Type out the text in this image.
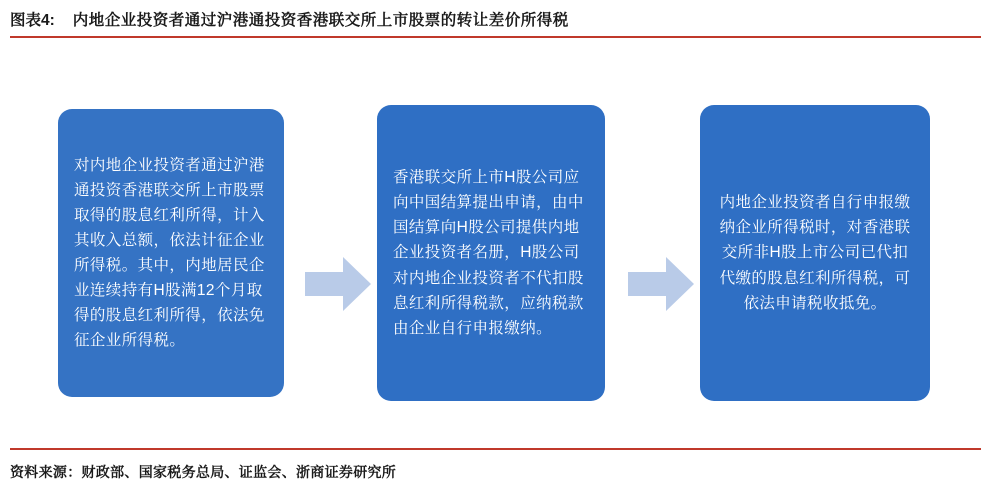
图表4: 内地企业投资者通过沪港通投资香港联交所上市股票的转让差价所得税
对内地企业投资者通过沪港通投资香港联交所上市股票取得的股息红利所得，计入其收入总额，依法计征企业所得税。其中，内地居民企业连续持有H股满12个月取得的股息红利所得，依法免征企业所得税。
香港联交所上市H股公司应向中国结算提出申请，由中国结算向H股公司提供内地企业投资者名册，H股公司对内地企业投资者不代扣股息红利所得税款，应纳税款由企业自行申报缴纳。
内地企业投资者自行申报缴纳企业所得税时，对香港联交所非H股上市公司已代扣代缴的股息红利所得税，可依法申请税收抵免。
资料来源：财政部、国家税务总局、证监会、浙商证券研究所
